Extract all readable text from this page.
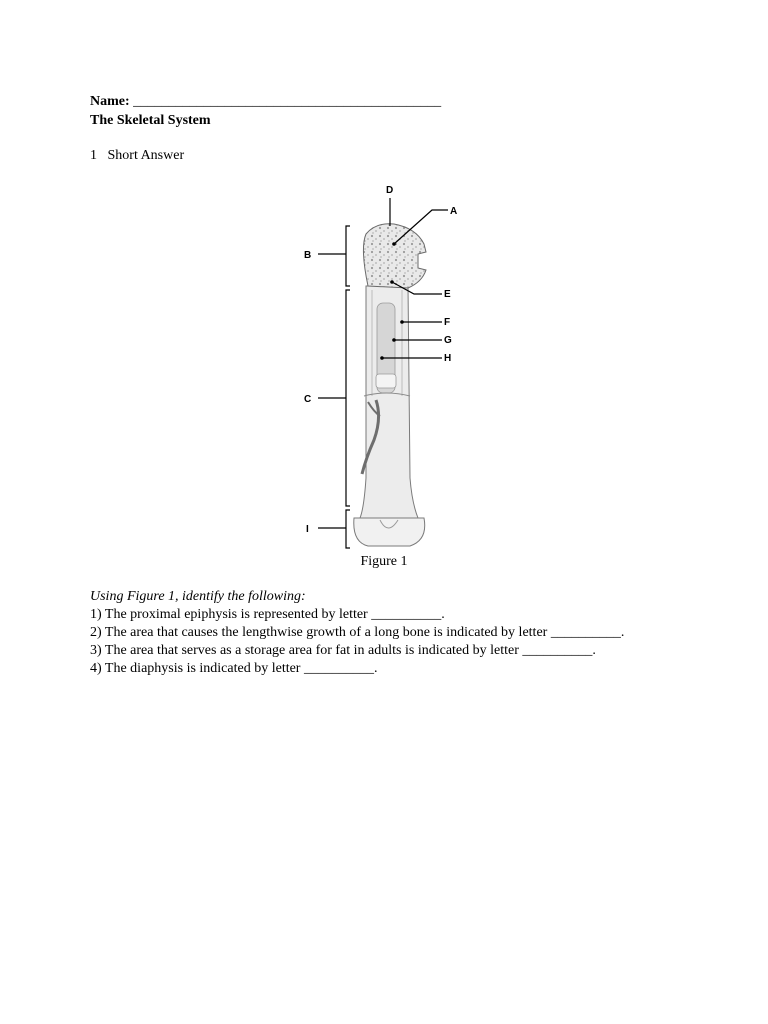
Name: ____________________________________________
The Skeletal System
1 Short Answer
D
A
B
E
C
F
G
H
I
Figure 1
Using Figure 1, identify the following:
1) The proximal epiphysis is represented by letter __________.
2) The area that causes the lengthwise growth of a long bone is indicated by letter __________.
3) The area that serves as a storage area for fat in adults is indicated by letter __________.
4) The diaphysis is indicated by letter __________.
